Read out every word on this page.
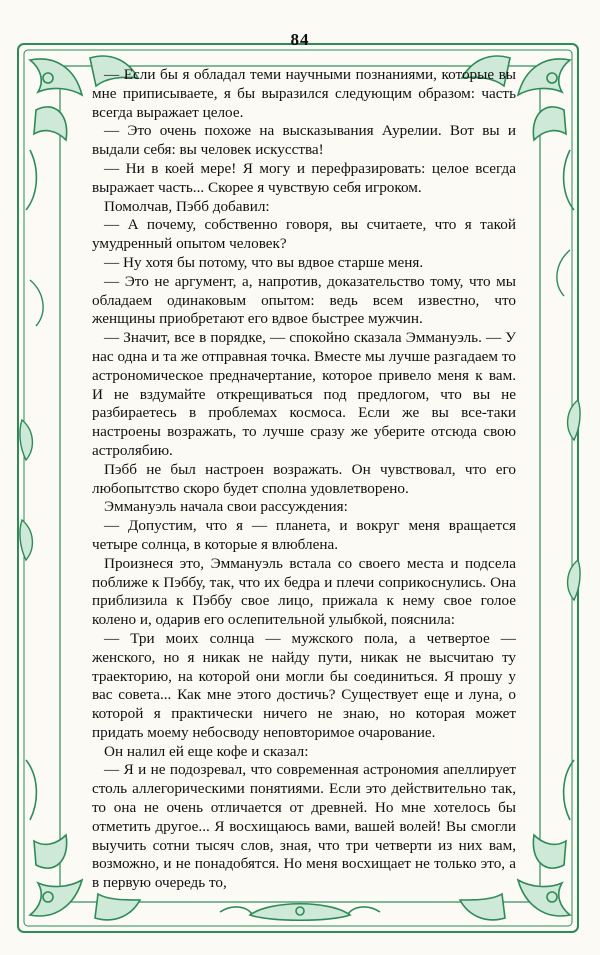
84

— Если бы я обладал теми научными познаниями, которые вы мне приписываете, я бы выразился следующим образом: часть всегда выражает целое.

— Это очень похоже на высказывания Аурелии. Вот вы и выдали себя: вы человек искусства!

— Ни в коей мере! Я могу и перефразировать: целое всегда выражает часть... Скорее я чувствую себя игроком.

Помолчав, Пэбб добавил:

— А почему, собственно говоря, вы считаете, что я такой умудренный опытом человек?

— Ну хотя бы потому, что вы вдвое старше меня.

— Это не аргумент, а, напротив, доказательство тому, что мы обладаем одинаковым опытом: ведь всем известно, что женщины приобретают его вдвое быстрее мужчин.

— Значит, все в порядке, — спокойно сказала Эммануэль. — У нас одна и та же отправная точка. Вместе мы лучше разгадаем то астрономическое предначертание, которое привело меня к вам. И не вздумайте открещиваться под предлогом, что вы не разбираетесь в проблемах космоса. Если же вы все-таки настроены возражать, то лучше сразу же уберите отсюда свою астролябию.

Пэбб не был настроен возражать. Он чувствовал, что его любопытство скоро будет сполна удовлетворено.

Эммануэль начала свои рассуждения:

— Допустим, что я — планета, и вокруг меня вращается четыре солнца, в которые я влюблена.

Произнеся это, Эммануэль встала со своего места и подсела поближе к Пэббу, так, что их бедра и плечи соприкоснулись. Она приблизила к Пэббу свое лицо, прижала к нему свое голое колено и, одарив его ослепительной улыбкой, пояснила:

— Три моих солнца — мужского пола, а четвертое — женского, но я никак не найду пути, никак не высчитаю ту траекторию, на которой они могли бы соединиться. Я прошу у вас совета... Как мне этого достичь? Существует еще и луна, о которой я практически ничего не знаю, но которая может придать моему небосводу неповторимое очарование.

Он налил ей еще кофе и сказал:

— Я и не подозревал, что современная астрономия апеллирует столь аллегорическими понятиями. Если это действительно так, то она не очень отличается от древней. Но мне хотелось бы отметить другое... Я восхищаюсь вами, вашей волей! Вы смогли выучить сотни тысяч слов, зная, что три четверти из них вам, возможно, и не понадобятся. Но меня восхищает не только это, а в первую очередь то,
